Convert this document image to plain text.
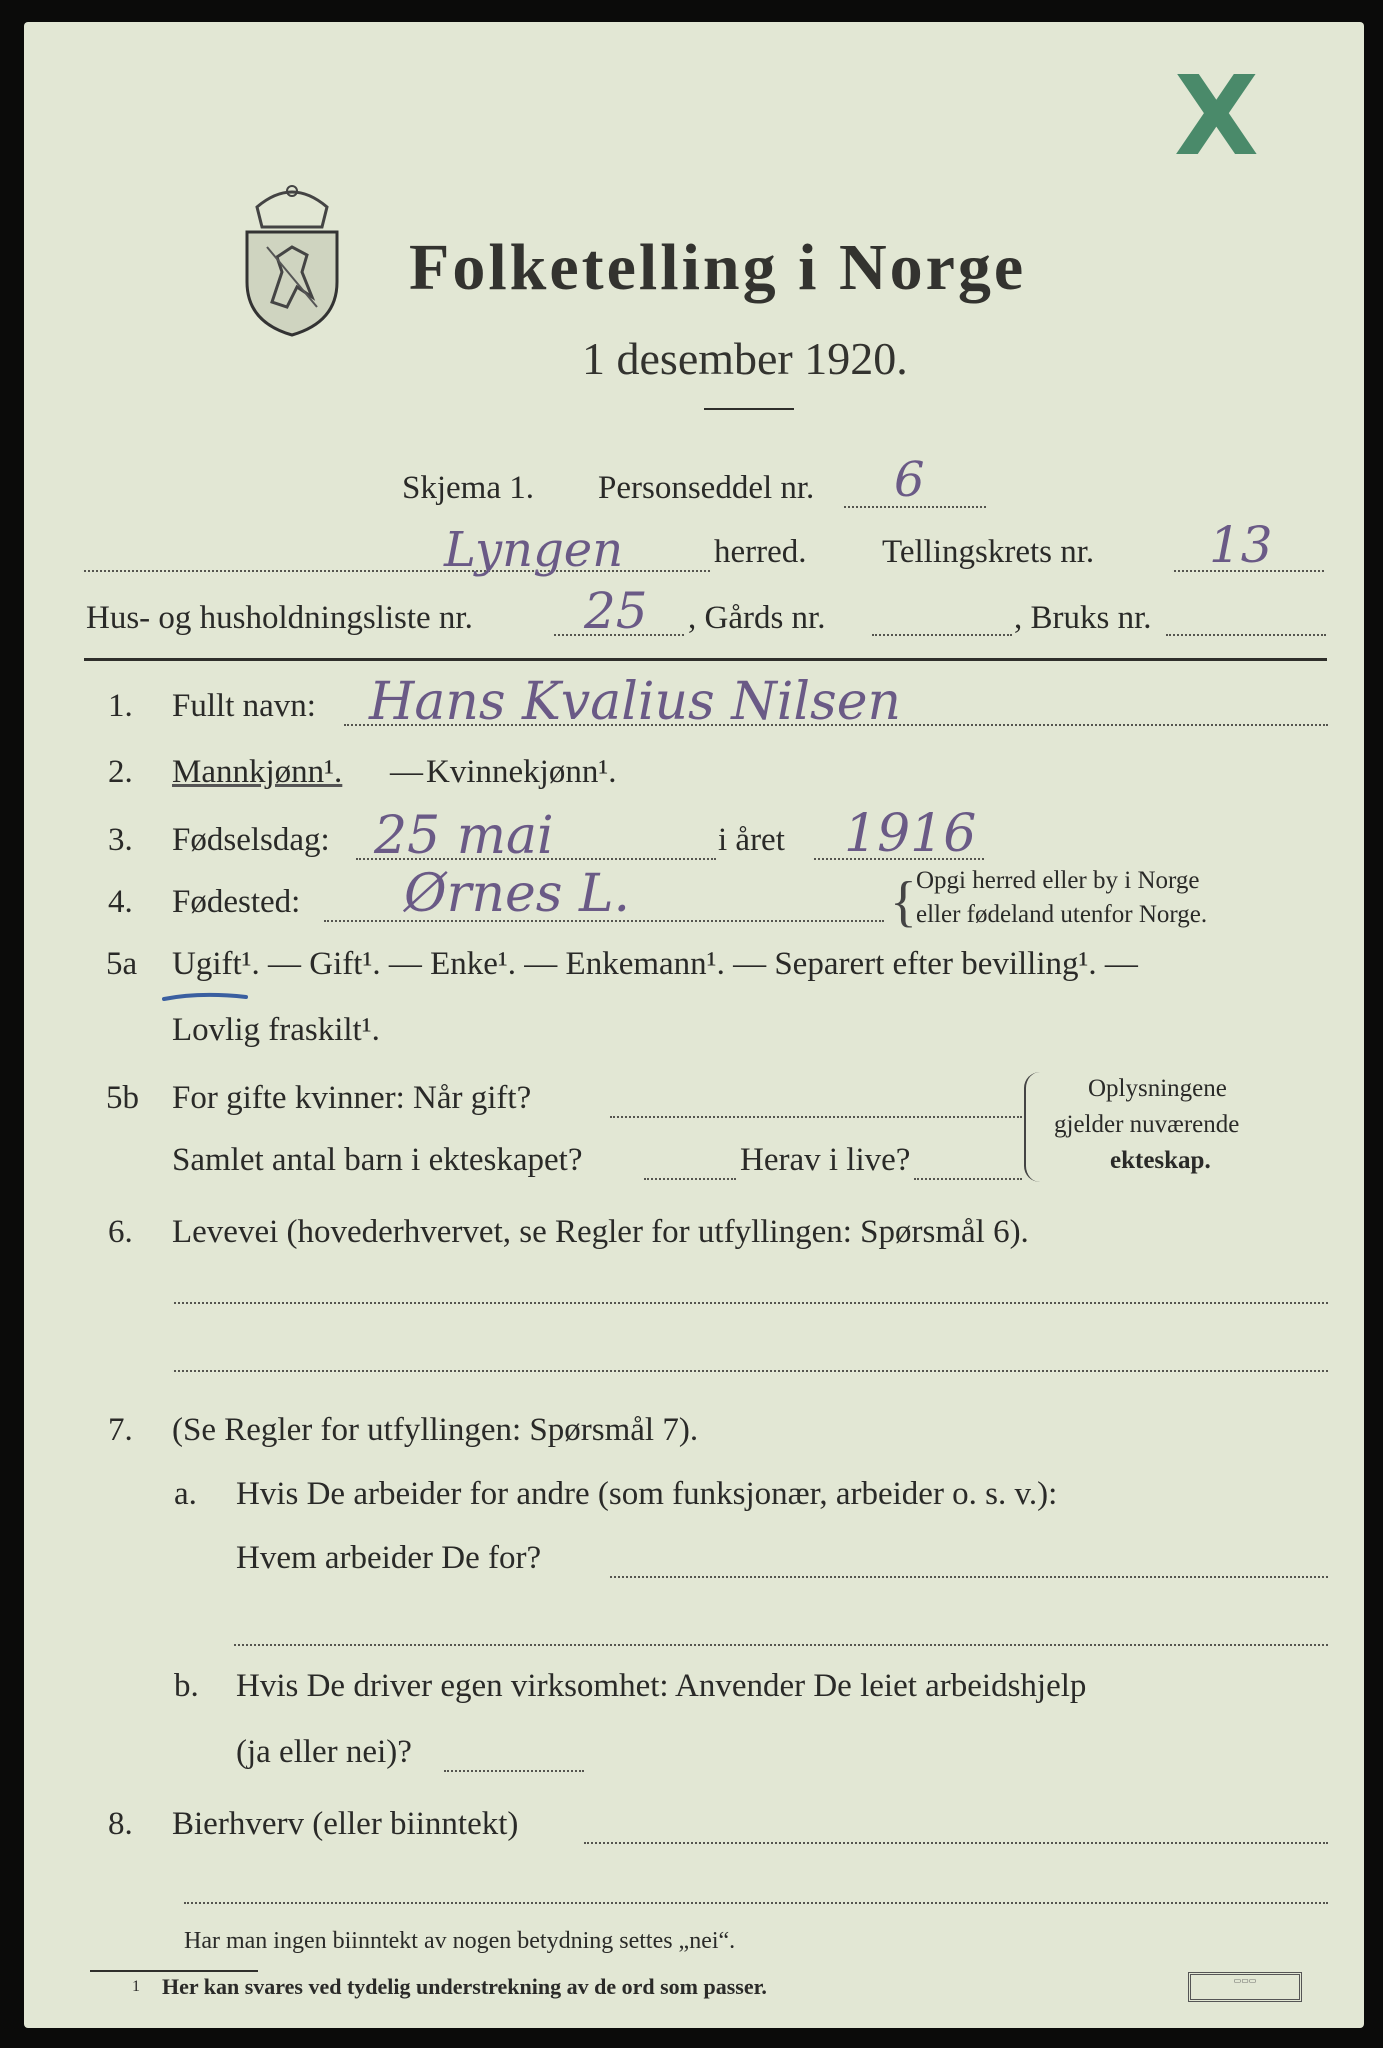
X
Folketelling i Norge
1 desember 1920.
Skjema 1. Personseddel nr. 6
Lyngen	herred. Tellingskrets nr. 13
Hus- og husholdningsliste nr. 25 , Gårds nr.	, Bruks nr.
1. Fullt navn: Hans Kvalius Nilsen
2. Mannkjønn¹. — Kvinnekjønn¹.
3. Fødselsdag: 25 mai	i året 1916
4. Fødested: Ørnes L.	{ Opgi herred eller by i Norge
eller fødeland utenfor Norge.
5a Ugift¹. — Gift¹. — Enke¹. — Enkemann¹. — Separert efter bevilling¹. —
Lovlig fraskilt¹.
5b For gifte kvinner: Når gift?
Samlet antal barn i ekteskapet?	Herav i live?
Oplysningene
gjelder nuværende
ekteskap.
6. Levevei (hovederhvervet, se Regler for utfyllingen: Spørsmål 6).
7. (Se Regler for utfyllingen: Spørsmål 7).
a. Hvis De arbeider for andre (som funksjonær, arbeider o. s. v.):
Hvem arbeider De for?
b. Hvis De driver egen virksomhet: Anvender De leiet arbeidshjelp
(ja eller nei)?
8. Bierhverv (eller biinntekt)
Har man ingen biinntekt av nogen betydning settes „nei“.
1 Her kan svares ved tydelig understrekning av de ord som passer.	▭▭▭
